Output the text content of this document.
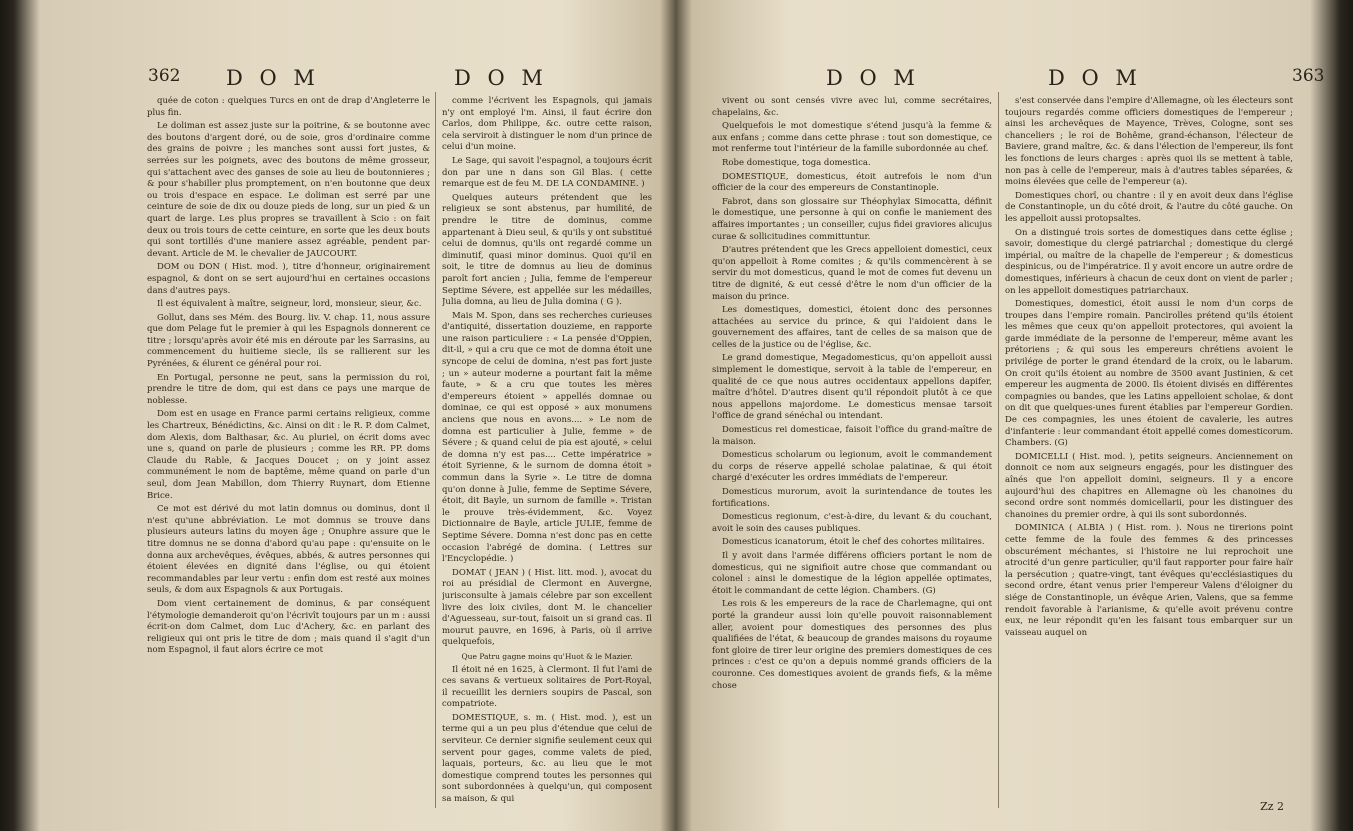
362 D O M	D O M

quée de coton : quelques Turcs en ont de drap d'Angleterre le plus fin.

Le doliman est assez juste sur la poitrine, & se boutonne avec des boutons d'argent doré, ou de soie, gros d'ordinaire comme des grains de poivre ; les manches sont aussi fort justes, & serrées sur les poignets, avec des boutons de même grosseur, qui s'attachent avec des ganses de soie au lieu de boutonnieres ; & pour s'habiller plus promptement, on n'en boutonne que deux ou trois d'espace en espace. Le doliman est serré par une ceinture de soie de dix ou douze pieds de long, sur un pied & un quart de large. Les plus propres se travaillent à Scio : on fait deux ou trois tours de cette ceinture, en sorte que les deux bouts qui sont tortillés d'une maniere assez agréable, pendent par-devant. Article de M. le chevalier de JAUCOURT.

DOM ou DON ( Hist. mod. ), titre d'honneur, originairement espagnol, & dont on se sert aujourd'hui en certaines occasions dans d'autres pays.

Il est équivalent à maître, seigneur, lord, monsieur, sieur, &c.

Gollut, dans ses Mém. des Bourg. liv. V. chap. 11, nous assure que dom Pelage fut le premier à qui les Espagnols donnerent ce titre ; lorsqu'après avoir été mis en déroute par les Sarrasins, au commencement du huitieme siecle, ils se rallierent sur les Pyrénées, & élurent ce général pour roi.

En Portugal, personne ne peut, sans la permission du roi, prendre le titre de dom, qui est dans ce pays une marque de noblesse.

Dom est en usage en France parmi certains religieux, comme les Chartreux, Bénédictins, &c. Ainsi on dit : le R. P. dom Calmet, dom Alexis, dom Balthasar, &c. Au pluriel, on écrit doms avec une s, quand on parle de plusieurs ; comme les RR. PP. doms Claude du Rable, & Jacques Doucet ; on y joint assez communément le nom de baptême, même quand on parle d'un seul, dom Jean Mabillon, dom Thierry Ruynart, dom Etienne Brice.

Ce mot est dérivé du mot latin domnus ou dominus, dont il n'est qu'une abbréviation. Le mot domnus se trouve dans plusieurs auteurs latins du moyen âge ; Onuphre assure que le titre domnus ne se donna d'abord qu'au pape : qu'ensuite on le donna aux archevêques, évêques, abbés, & autres personnes qui étoient élevées en dignité dans l'église, ou qui étoient recommandables par leur vertu : enfin dom est resté aux moines seuls, & dom aux Espagnols & aux Portugais.

Dom vient certainement de dominus, & par conséquent l'étymologie demanderoit qu'on l'écrivît toujours par un m : aussi écrit-on dom Calmet, dom Luc d'Achery, &c. en parlant des religieux qui ont pris le titre de dom ; mais quand il s'agit d'un nom Espagnol, il faut alors écrire ce mot

comme l'écrivent les Espagnols, qui jamais n'y ont employé l'm. Ainsi, il faut écrire don Carlos, dom Philippe, &c. outre cette raison, cela serviroit à distinguer le nom d'un prince de celui d'un moine.

Le Sage, qui savoit l'espagnol, a toujours écrit don par une n dans son Gil Blas. ( cette remarque est de feu M. DE LA CONDAMINE. )

Quelques auteurs prétendent que les religieux se sont abstenus, par humilité, de prendre le titre de dominus, comme appartenant à Dieu seul, & qu'ils y ont substitué celui de domnus, qu'ils ont regardé comme un diminutif, quasi minor dominus. Quoi qu'il en soit, le titre de domnus au lieu de dominus paroît fort ancien ; Julia, femme de l'empereur Septime Sévere, est appellée sur les médailles, Julia domna, au lieu de Julia domina ( G ).

Mais M. Spon, dans ses recherches curieuses d'antiquité, dissertation douzieme, en rapporte une raison particuliere : « La pensée d'Oppien, dit-il, » qui a cru que ce mot de domna étoit une syncope de celui de domina, n'est pas fort juste ; un » auteur moderne a pourtant fait la même faute, » & a cru que toutes les mères d'empereurs étoient » appellés domnae ou dominae, ce qui est opposé » aux monumens anciens que nous en avons.... » Le nom de domna est particulier à Julie, femme » de Sévere ; & quand celui de pia est ajouté, » celui de domna n'y est pas.... Cette impératrice » étoit Syrienne, & le surnom de domna étoit » commun dans la Syrie ». Le titre de domna qu'on donne à Julie, femme de Septime Sévere, étoit, dit Bayle, un surnom de famille ». Tristan le prouve très-évidemment, &c. Voyez Dictionnaire de Bayle, article JULIE, femme de Septime Sévere. Domna n'est donc pas en cette occasion l'abrégé de domina. ( Lettres sur l'Encyclopédie. )

DOMAT ( JEAN ) ( Hist. litt. mod. ), avocat du roi au présidial de Clermont en Auvergne, jurisconsulte à jamais célebre par son excellent livre des loix civiles, dont M. le chancelier d'Aguesseau, sur-tout, faisoit un si grand cas. Il mourut pauvre, en 1696, à Paris, où il arrive quelquefois,

Que Patru gagne moins qu'Huot & le Mazier.

Il étoit né en 1625, à Clermont. Il fut l'ami de ces savans & vertueux solitaires de Port-Royal, il recueillit les derniers soupirs de Pascal, son compatriote.

DOMESTIQUE, s. m. ( Hist. mod. ), est un terme qui a un peu plus d'étendue que celui de serviteur. Ce dernier signifie seulement ceux qui servent pour gages, comme valets de pied, laquais, porteurs, &c. au lieu que le mot domestique comprend toutes les personnes qui sont subordonnées à quelqu'un, qui composent sa maison, & qui

D O M	D O M	363

vivent ou sont censés vivre avec lui, comme secrétaires, chapelains, &c.

Quelquefois le mot domestique s'étend jusqu'à la femme & aux enfans ; comme dans cette phrase : tout son domestique, ce mot renferme tout l'intérieur de la famille subordonnée au chef.

Robe domestique, toga domestica.

DOMESTIQUE, domesticus, étoit autrefois le nom d'un officier de la cour des empereurs de Constantinople.

Fabrot, dans son glossaire sur Théophylax Simocatta, définit le domestique, une personne à qui on confie le maniement des affaires importantes ; un conseiller, cujus fidei graviores alicujus curae & sollicitudines committuntur.

D'autres prétendent que les Grecs appelloient domestici, ceux qu'on appelloit à Rome comites ; & qu'ils commencèrent à se servir du mot domesticus, quand le mot de comes fut devenu un titre de dignité, & eut cessé d'être le nom d'un officier de la maison du prince.

Les domestiques, domestici, étoient donc des personnes attachées au service du prince, & qui l'aidoient dans le gouvernement des affaires, tant de celles de sa maison que de celles de la justice ou de l'église, &c.

Le grand domestique, Megadomesticus, qu'on appelloit aussi simplement le domestique, servoit à la table de l'empereur, en qualité de ce que nous autres occidentaux appellons dapifer, maître d'hôtel. D'autres disent qu'il répondoit plutôt à ce que nous appellons majordome. Le domesticus mensae tarsoit l'office de grand sénéchal ou intendant.

Domesticus rei domesticae, faisoit l'office du grand-maître de la maison.

Domesticus scholarum ou legionum, avoit le commandement du corps de réserve appellé scholae palatinae, & qui étoit chargé d'exécuter les ordres immédiats de l'empereur.

Domesticus murorum, avoit la surintendance de toutes les fortifications.

Domesticus regionum, c'est-à-dire, du levant & du couchant, avoit le soin des causes publiques.

Domesticus icanatorum, étoit le chef des cohortes militaires.

Il y avoit dans l'armée différens officiers portant le nom de domesticus, qui ne signifioit autre chose que commandant ou colonel : ainsi le domestique de la légion appellée optimates, étoit le commandant de cette légion. Chambers. (G)

Les rois & les empereurs de la race de Charlemagne, qui ont porté la grandeur aussi loin qu'elle pouvoit raisonnablement aller, avoient pour domestiques des personnes des plus qualifiées de l'état, & beaucoup de grandes maisons du royaume font gloire de tirer leur origine des premiers domestiques de ces princes : c'est ce qu'on a depuis nommé grands officiers de la couronne. Ces domestiques avoient de grands fiefs, & la même chose

s'est conservée dans l'empire d'Allemagne, où les électeurs sont toujours regardés comme officiers domestiques de l'empereur ; ainsi les archevêques de Mayence, Trèves, Cologne, sont ses chanceliers ; le roi de Bohême, grand-échanson, l'électeur de Baviere, grand maître, &c. & dans l'élection de l'empereur, ils font les fonctions de leurs charges : après quoi ils se mettent à table, non pas à celle de l'empereur, mais à d'autres tables séparées, & moins élevées que celle de l'empereur (a).

Domestiques chorî, ou chantre : il y en avoit deux dans l'église de Constantinople, un du côté droit, & l'autre du côté gauche. On les appelloit aussi protopsaltes.

On a distingué trois sortes de domestiques dans cette église ; savoir, domestique du clergé patriarchal ; domestique du clergé impérial, ou maître de la chapelle de l'empereur ; & domesticus despinicus, ou de l'impératrice. Il y avoit encore un autre ordre de domestiques, inférieurs à chacun de ceux dont on vient de parler ; on les appelloit domestiques patriarchaux.

Domestiques, domestici, étoit aussi le nom d'un corps de troupes dans l'empire romain. Pancirolles prétend qu'ils étoient les mêmes que ceux qu'on appelloit protectores, qui avoient la garde immédiate de la personne de l'empereur, même avant les prétoriens ; & qui sous les empereurs chrétiens avoient le privilége de porter le grand étendard de la croix, ou le labarum. On croit qu'ils étoient au nombre de 3500 avant Justinien, & cet empereur les augmenta de 2000. Ils étoient divisés en différentes compagnies ou bandes, que les Latins appelloient scholae, & dont on dit que quelques-unes furent établies par l'empereur Gordien. De ces compagnies, les unes étoient de cavalerie, les autres d'infanterie : leur commandant étoit appellé comes domesticorum. Chambers. (G)

DOMICELLI ( Hist. mod. ), petits seigneurs. Anciennement on donnoit ce nom aux seigneurs engagés, pour les distinguer des aînés que l'on appelloit domini, seigneurs. Il y a encore aujourd'hui des chapitres en Allemagne où les chanoines du second ordre sont nommés domicellarii, pour les distinguer des chanoines du premier ordre, à qui ils sont subordonnés.

DOMINICA ( ALBIA ) ( Hist. rom. ). Nous ne tirerions point cette femme de la foule des femmes & des princesses obscurément méchantes, si l'histoire ne lui reprochoit une atrocité d'un genre particulier, qu'il faut rapporter pour faire haïr la persécution ; quatre-vingt, tant évêques qu'ecclésiastiques du second ordre, étant venus prier l'empereur Valens d'éloigner du siége de Constantinople, un évêque Arien, Valens, que sa femme rendoit favorable à l'arianisme, & qu'elle avoit prévenu contre eux, ne leur répondit qu'en les faisant tous embarquer sur un vaisseau auquel on

Zz 2
